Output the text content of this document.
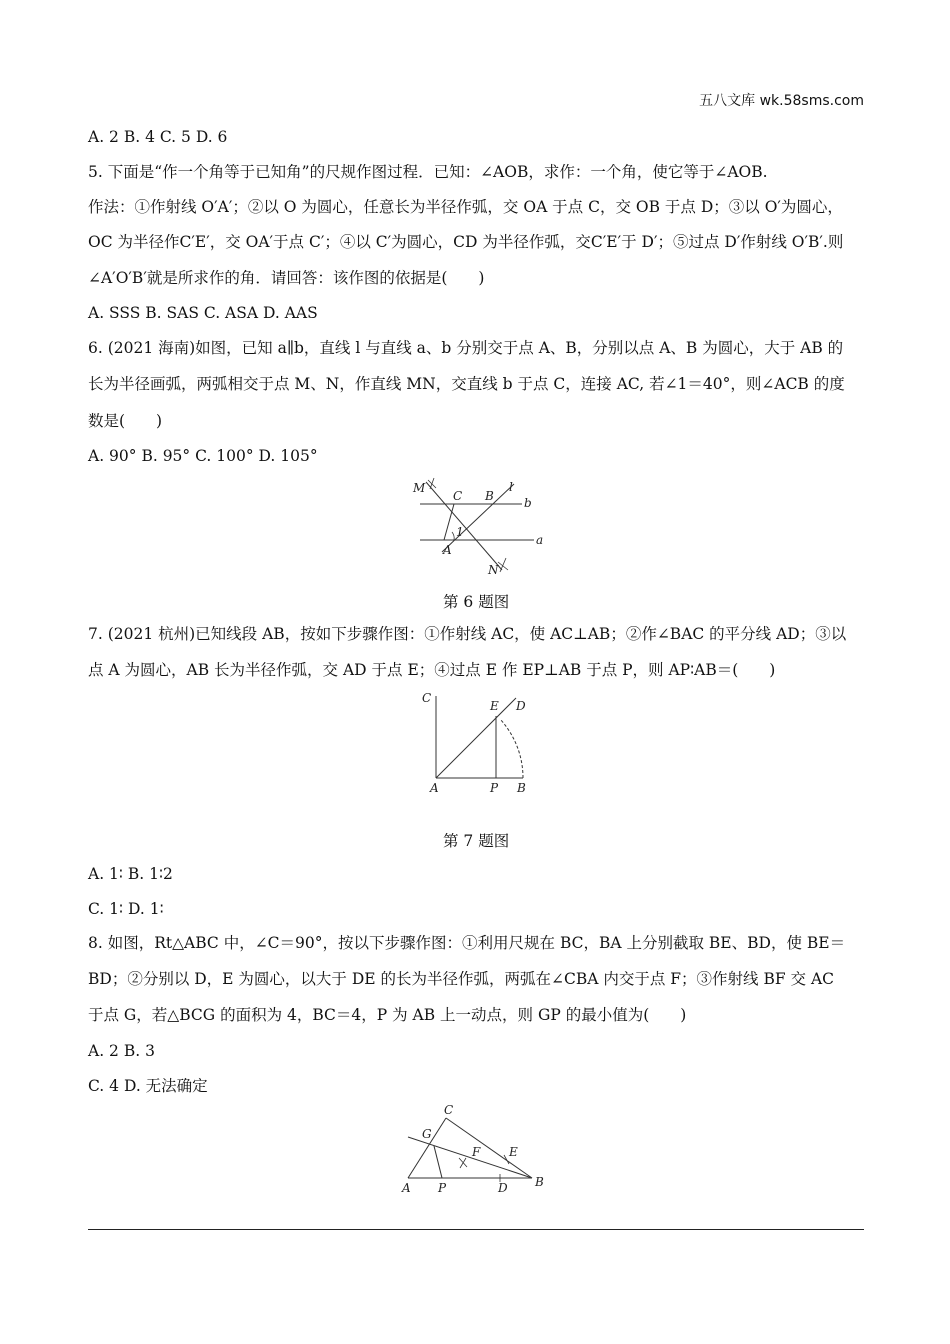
五八文库 wk.58sms.com
A. 2 B. 4 C. 5 D. 6
5. 下面是“作一个角等于已知角”的尺规作图过程．已知：∠AOB，求作：一个角，使它等于∠AOB.
作法：①作射线 O′A′；②以 O 为圆心，任意长为半径作弧，交 OA 于点 C，交 OB 于点 D；③以 O′为圆心，
OC 为半径作C′E′，交 OA′于点 C′；④以 C′为圆心，CD 为半径作弧，交C′E′于 D′；⑤过点 D′作射线 O′B′.则
∠A′O′B′就是所求作的角．请回答：该作图的依据是(　　)
A. SSS B. SAS C. ASA D. AAS
6. (2021 海南)如图，已知 a∥b，直线 l 与直线 a、b 分别交于点 A、B，分别以点 A、B 为圆心，大于 AB 的
长为半径画弧，两弧相交于点 M、N，作直线 MN，交直线 b 于点 C，连接 AC, 若∠1＝40°，则∠ACB 的度
数是(　　)
A. 90° B. 95° C. 100° D. 105°
M
C B
l
b
1
A
a
N
第 6 题图
7. (2021 杭州)已知线段 AB，按如下步骤作图：①作射线 AC，使 AC⊥AB；②作∠BAC 的平分线 AD；③以
点 A 为圆心，AB 长为半径作弧，交 AD 于点 E；④过点 E 作 EP⊥AB 于点 P，则 AP∶AB＝(　　)
C
E D
A	P B
第 7 题图
A. 1∶ B. 1∶2
C. 1∶ D. 1∶
8. 如图，Rt△ABC 中，∠C＝90°，按以下步骤作图：①利用尺规在 BC，BA 上分别截取 BE、BD，使 BE＝
BD；②分别以 D，E 为圆心，以大于 DE 的长为半径作弧，两弧在∠CBA 内交于点 F；③作射线 BF 交 AC
于点 G，若△BCG 的面积为 4，BC＝4，P 为 AB 上一动点，则 GP 的最小值为(　　)
A. 2 B. 3
C. 4 D. 无法确定
C
G
F E
A P	D B
